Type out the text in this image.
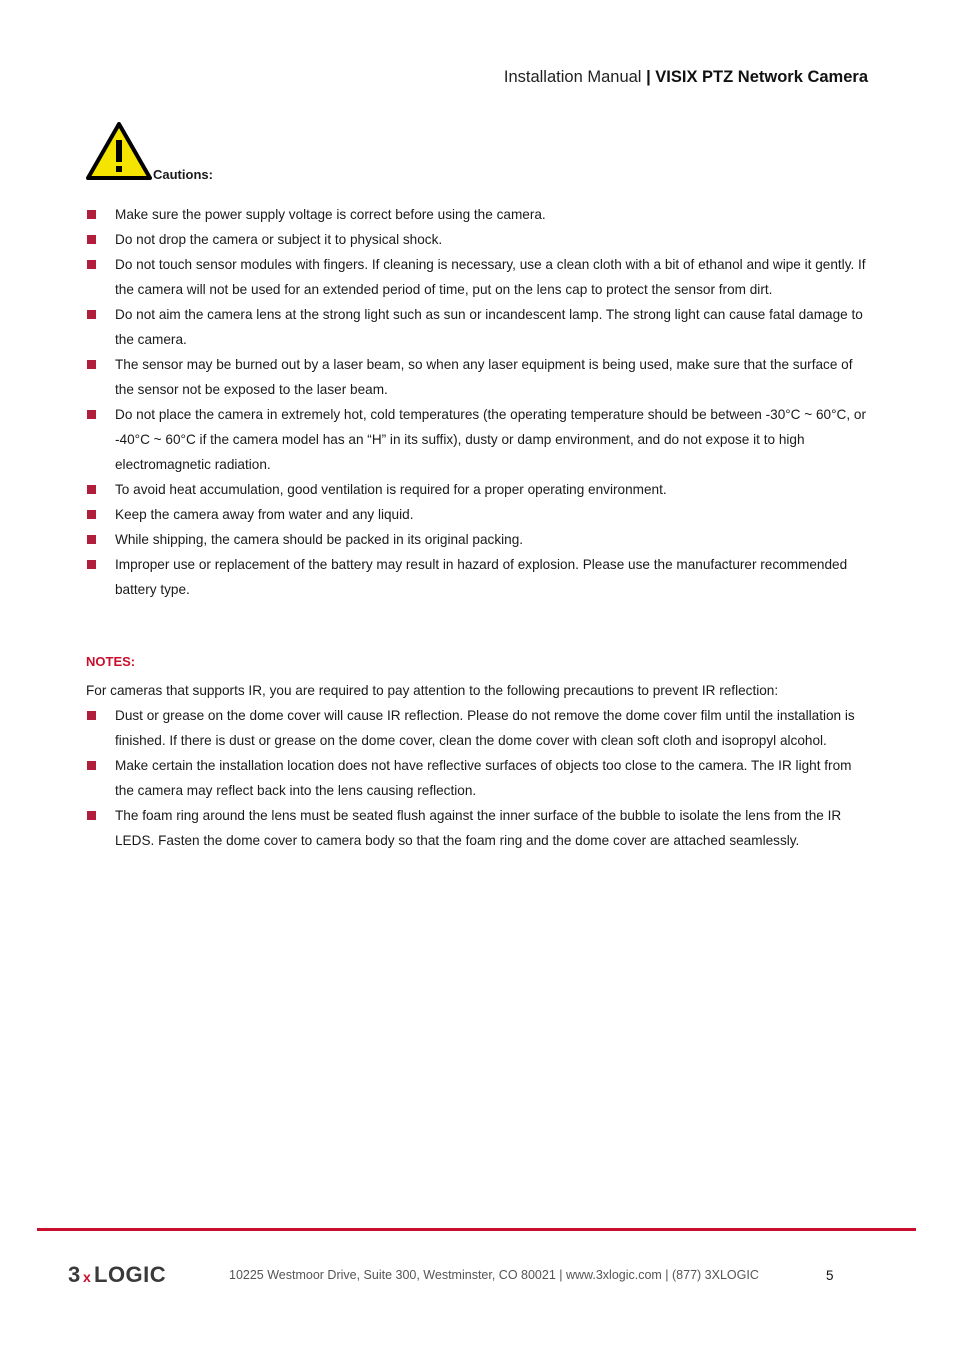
Installation Manual | VISIX PTZ Network Camera
Cautions:
Make sure the power supply voltage is correct before using the camera.
Do not drop the camera or subject it to physical shock.
Do not touch sensor modules with fingers. If cleaning is necessary, use a clean cloth with a bit of ethanol and wipe it gently. If the camera will not be used for an extended period of time, put on the lens cap to protect the sensor from dirt.
Do not aim the camera lens at the strong light such as sun or incandescent lamp. The strong light can cause fatal damage to the camera.
The sensor may be burned out by a laser beam, so when any laser equipment is being used, make sure that the surface of the sensor not be exposed to the laser beam.
Do not place the camera in extremely hot, cold temperatures (the operating temperature should be between -30°C ~ 60°C, or -40°C ~ 60°C if the camera model has an “H” in its suffix), dusty or damp environment, and do not expose it to high electromagnetic radiation.
To avoid heat accumulation, good ventilation is required for a proper operating environment.
Keep the camera away from water and any liquid.
While shipping, the camera should be packed in its original packing.
Improper use or replacement of the battery may result in hazard of explosion. Please use the manufacturer recommended battery type.
NOTES:
For cameras that supports IR, you are required to pay attention to the following precautions to prevent IR reflection:
Dust or grease on the dome cover will cause IR reflection. Please do not remove the dome cover film until the installation is finished. If there is dust or grease on the dome cover, clean the dome cover with clean soft cloth and isopropyl alcohol.
Make certain the installation location does not have reflective surfaces of objects too close to the camera. The IR light from the camera may reflect back into the lens causing reflection.
The foam ring around the lens must be seated flush against the inner surface of the bubble to isolate the lens from the IR LEDS. Fasten the dome cover to camera body so that the foam ring and the dome cover are attached seamlessly.
3 x LOGIC	10225 Westmoor Drive, Suite 300, Westminster, CO 80021 | www.3xlogic.com | (877) 3XLOGIC	5
